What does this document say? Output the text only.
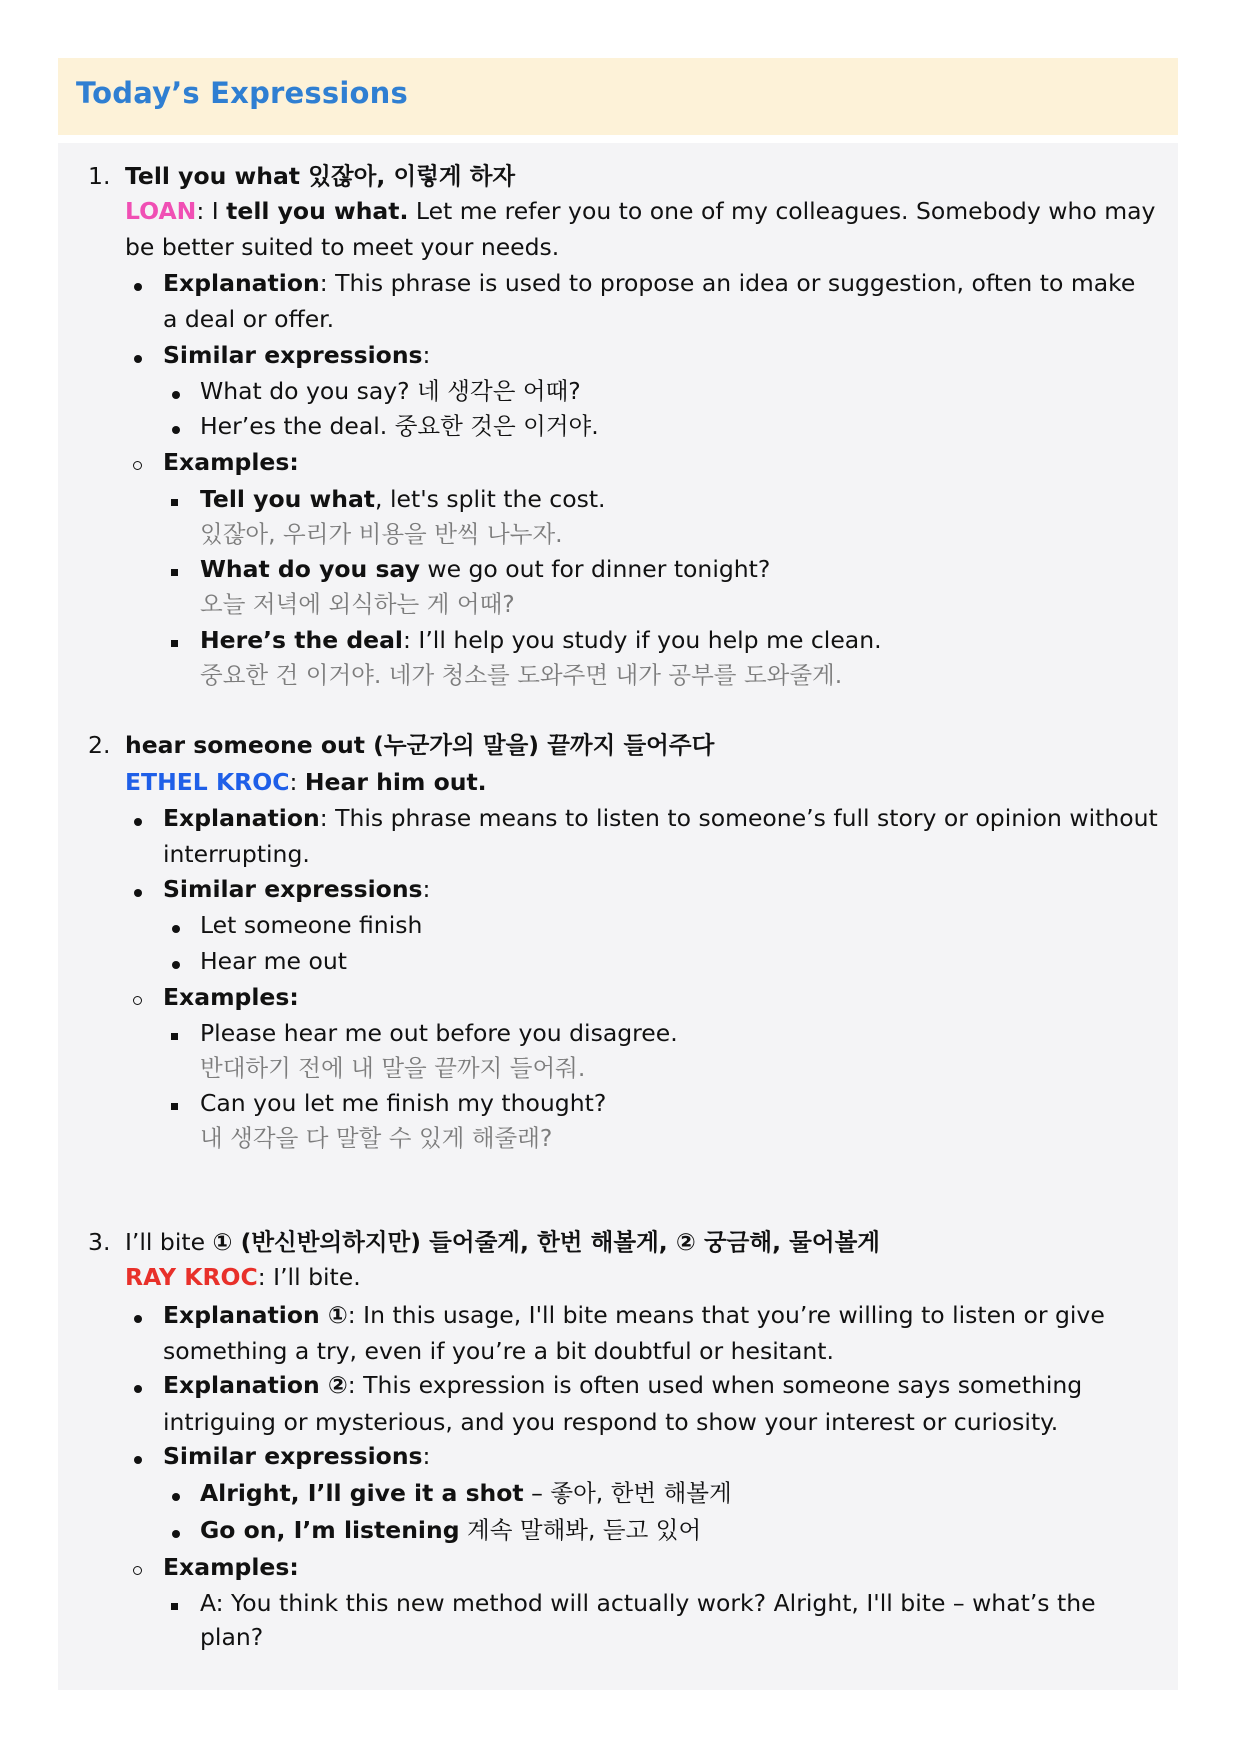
Today’s Expressions
1. Tell you what 있잖아, 이렇게 하자
LOAN: I tell you what. Let me refer you to one of my colleagues. Somebody who may
be better suited to meet your needs.
Explanation: This phrase is used to propose an idea or suggestion, often to make
a deal or offer.
Similar expressions:
What do you say? 네 생각은 어때?
Her’es the deal. 중요한 것은 이거야.
Examples:
Tell you what, let's split the cost.
있잖아, 우리가 비용을 반씩 나누자.
What do you say we go out for dinner tonight?
오늘 저녁에 외식하는 게 어때?
Here’s the deal: I’ll help you study if you help me clean.
중요한 건 이거야. 네가 청소를 도와주면 내가 공부를 도와줄게.
2. hear someone out (누군가의 말을) 끝까지 들어주다
ETHEL KROC: Hear him out.
Explanation: This phrase means to listen to someone’s full story or opinion without
interrupting.
Similar expressions:
Let someone finish
Hear me out
Examples:
Please hear me out before you disagree.
반대하기 전에 내 말을 끝까지 들어줘.
Can you let me finish my thought?
내 생각을 다 말할 수 있게 해줄래?
3. I’ll bite ① (반신반의하지만) 들어줄게, 한번 해볼게, ② 궁금해, 물어볼게
RAY KROC: I’ll bite.
Explanation ①: In this usage, I'll bite means that you’re willing to listen or give
something a try, even if you’re a bit doubtful or hesitant.
Explanation ②: This expression is often used when someone says something
intriguing or mysterious, and you respond to show your interest or curiosity.
Similar expressions:
Alright, I’ll give it a shot – 좋아, 한번 해볼게
Go on, I’m listening 계속 말해봐, 듣고 있어
Examples:
A: You think this new method will actually work? Alright, I'll bite – what’s the
plan?
